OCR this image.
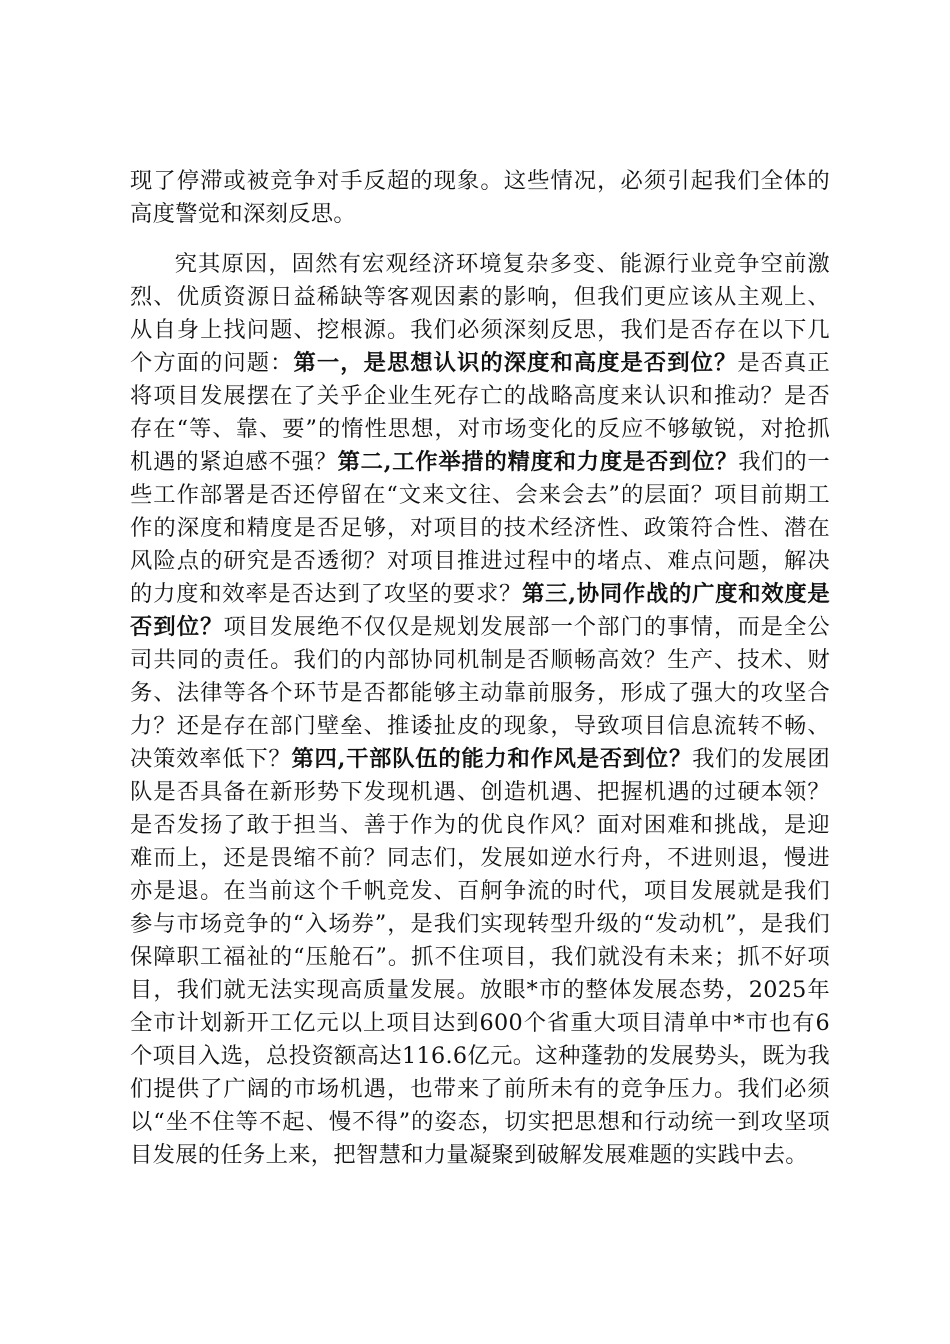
现了停滞或被竞争对手反超的现象。这些情况，必须引起我们全体的高度警觉和深刻反思。

究其原因，固然有宏观经济环境复杂多变、能源行业竞争空前激烈、优质资源日益稀缺等客观因素的影响，但我们更应该从主观上、从自身上找问题、挖根源。我们必须深刻反思，我们是否存在以下几个方面的问题：第一，是思想认识的深度和高度是否到位？是否真正将项目发展摆在了关乎企业生死存亡的战略高度来认识和推动？是否存在“等、靠、要”的惰性思想，对市场变化的反应不够敏锐，对抢抓机遇的紧迫感不强？第二,工作举措的精度和力度是否到位？我们的一些工作部署是否还停留在“文来文往、会来会去”的层面？项目前期工作的深度和精度是否足够，对项目的技术经济性、政策符合性、潜在风险点的研究是否透彻？对项目推进过程中的堵点、难点问题，解决的力度和效率是否达到了攻坚的要求？第三,协同作战的广度和效度是否到位？项目发展绝不仅仅是规划发展部一个部门的事情，而是全公司共同的责任。我们的内部协同机制是否顺畅高效？生产、技术、财务、法律等各个环节是否都能够主动靠前服务，形成了强大的攻坚合力？还是存在部门壁垒、推诿扯皮的现象，导致项目信息流转不畅、决策效率低下？第四,干部队伍的能力和作风是否到位？我们的发展团队是否具备在新形势下发现机遇、创造机遇、把握机遇的过硬本领？是否发扬了敢于担当、善于作为的优良作风？面对困难和挑战，是迎难而上，还是畏缩不前？同志们，发展如逆水行舟，不进则退，慢进亦是退。在当前这个千帆竞发、百舸争流的时代，项目发展就是我们参与市场竞争的“入场券”，是我们实现转型升级的“发动机”，是我们保障职工福祉的“压舱石”。抓不住项目，我们就没有未来；抓不好项目，我们就无法实现高质量发展。放眼*市的整体发展态势，2025年全市计划新开工亿元以上项目达到600个省重大项目清单中*市也有6个项目入选，总投资额高达116.6亿元。这种蓬勃的发展势头，既为我们提供了广阔的市场机遇，也带来了前所未有的竞争压力。我们必须以“坐不住等不起、慢不得”的姿态，切实把思想和行动统一到攻坚项目发展的任务上来，把智慧和力量凝聚到破解发展难题的实践中去。
